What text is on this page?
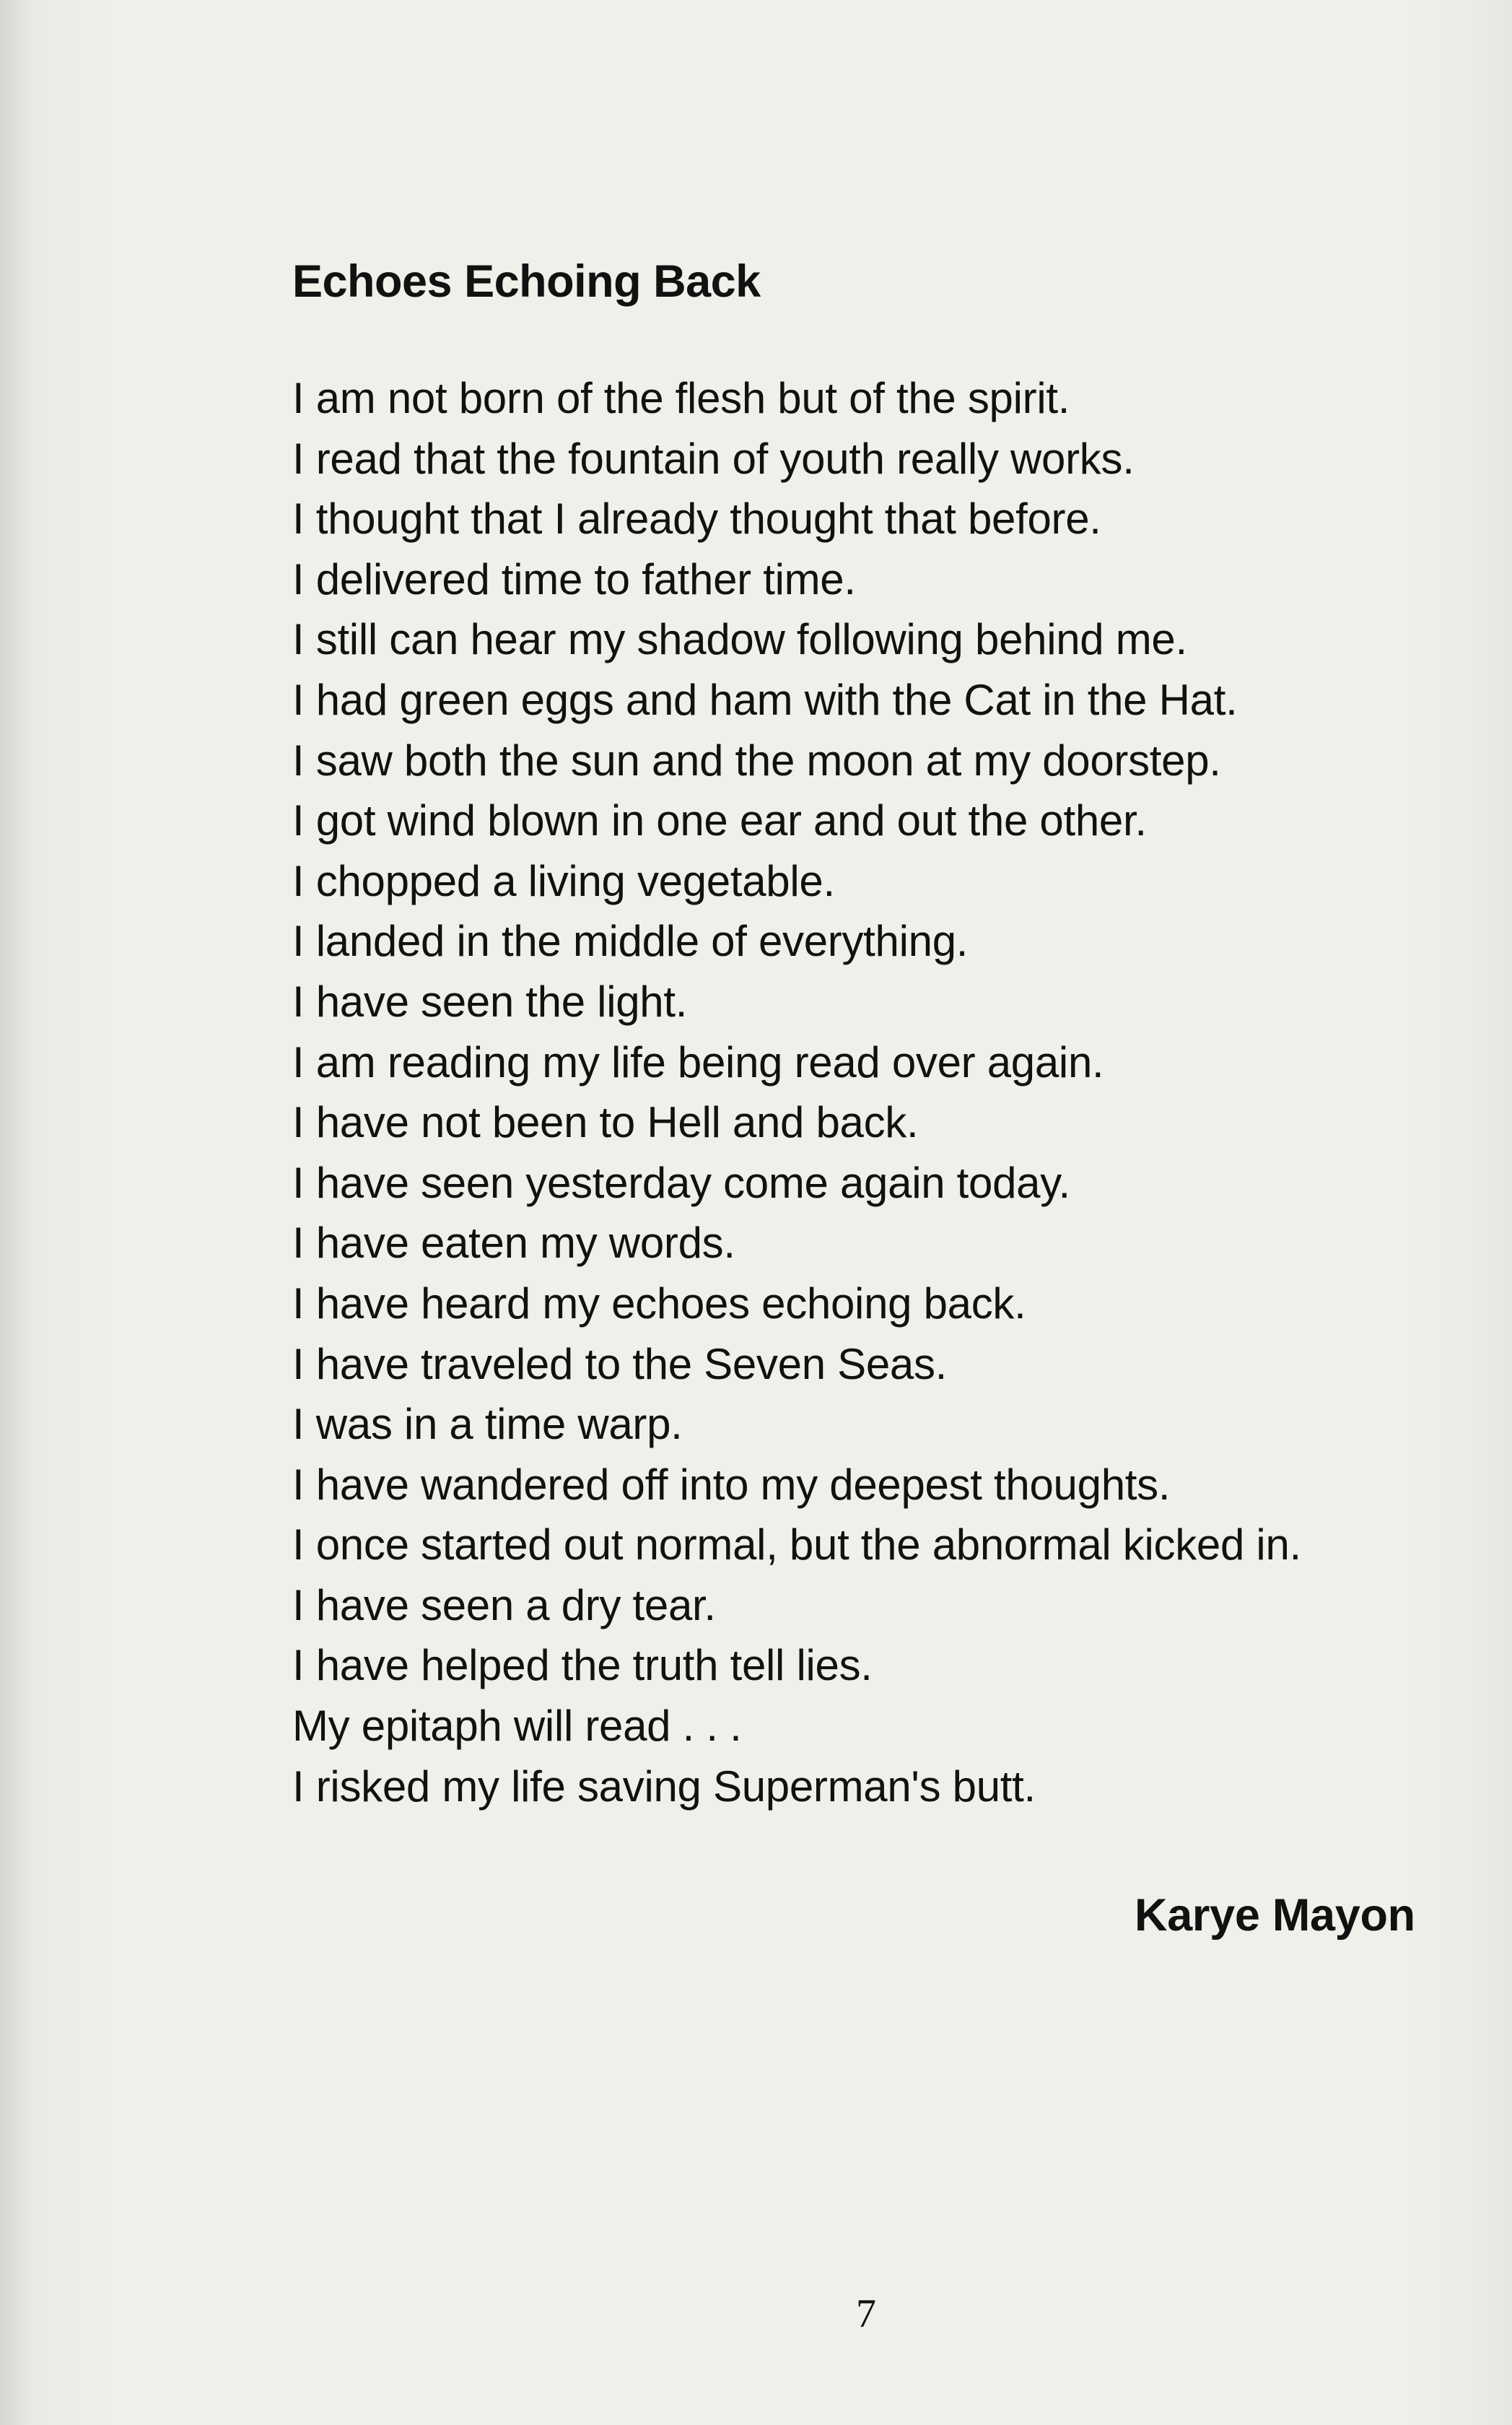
Echoes Echoing Back
I am not born of the flesh but of the spirit.
I read that the fountain of youth really works.
I thought that I already thought that before.
I delivered time to father time.
I still can hear my shadow following behind me.
I had green eggs and ham with the Cat in the Hat.
I saw both the sun and the moon at my doorstep.
I got wind blown in one ear and out the other.
I chopped a living vegetable.
I landed in the middle of everything.
I have seen the light.
I am reading my life being read over again.
I have not been to Hell and back.
I have seen yesterday come again today.
I have eaten my words.
I have heard my echoes echoing back.
I have traveled to the Seven Seas.
I was in a time warp.
I have wandered off into my deepest thoughts.
I once started out normal, but the abnormal kicked in.
I have seen a dry tear.
I have helped the truth tell lies.
My epitaph will read . . .
I risked my life saving Superman's butt.
Karye Mayon
7
